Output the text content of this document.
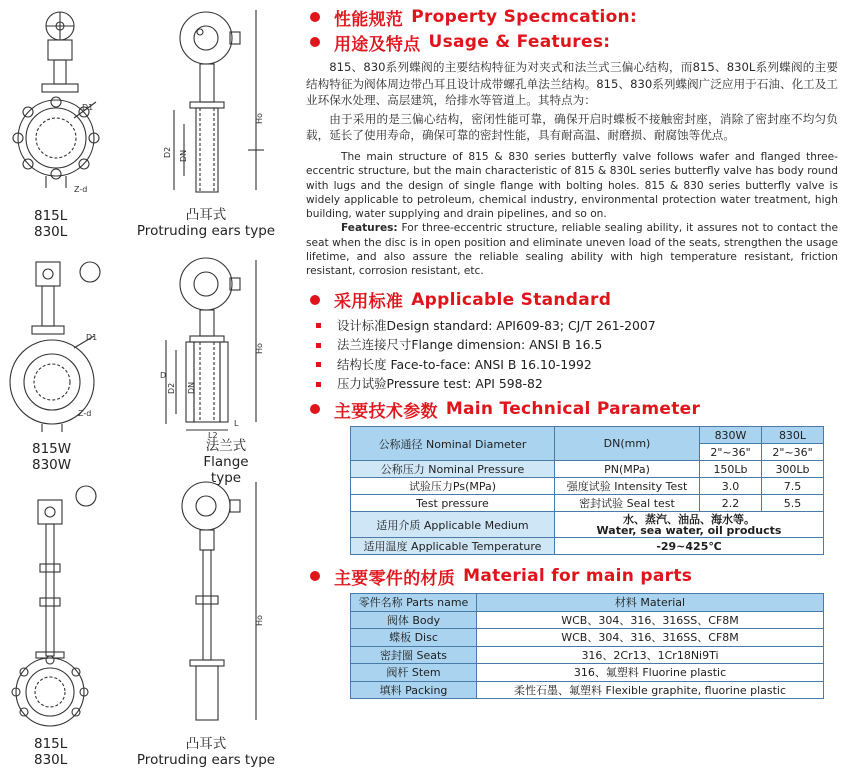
D1
Z-d
815L
830L
D2 DN
Ho
凸耳式
Protruding ears type
D1
Z-d
815W
830W
D
D2 DN
Ho
L
L2
法兰式
Flange type
815L
830L
Ho
凸耳式
Protruding ears type
性能规范 Property Specmcation:
用途及特点 Usage & Features:

815、830系列蝶阀的主要结构特征为对夹式和法兰式三偏心结构，而815、830L系列蝶阀的主要结构特征为阀体周边带凸耳且设计成带螺孔单法兰结构。815、830系列蝶阀广泛应用于石油、化工及工业环保水处理、高层建筑，给排水等管道上。其特点为：

由于采用的是三偏心结构，密闭性能可靠，确保开启时蝶板不接触密封座，消除了密封座不均匀负载，延长了使用寿命，确保可靠的密封性能，具有耐高温、耐磨损、耐腐蚀等优点。

The main structure of 815 & 830 series butterfly valve follows wafer and flanged three-eccentric structure, but the main characteristic of 815 & 830L series butterfly valve has body round with lugs and the design of single flange with bolting holes. 815 & 830 series butterfly valve is widely applicable to petroleum, chemical industry, environmental protection water treatment, high building, water supplying and drain pipelines, and so on.

Features: For three-eccentric structure, reliable sealing ability, it assures not to contact the seat when the disc is in open position and eliminate uneven load of the seats, strengthen the usage lifetime, and also assure the reliable sealing ability with high temperature resistant, friction resistant, corrosion resistant, etc.

采用标准 Applicable Standard
设计标准Design standard: API609-83; CJ/T 261-2007
法兰连接尺寸Flange dimension: ANSI B 16.5
结构长度 Face-to-face: ANSI B 16.10-1992
压力试验Pressure test: API 598-82
主要技术参数 Main Technical Parameter
公称通径 Nominal Diameter	DN(mm)	830W	830L
		2"~36"	2"~36"
公称压力 Nominal Pressure	PN(MPa)	150Lb	300Lb
试验压力Ps(MPa)	强度试验 Intensity Test	3.0	7.5
Test pressure	密封试验 Seal test	2.2	5.5
适用介质 Applicable Medium	水、蒸汽、油品、海水等。
Water, sea water, oil products		

适用温度 Applicable Temperature	-29~425℃		
主要零件的材质 Material for main parts
零件名称 Parts name	材料 Material
阀体 Body	WCB、304、316、316SS、CF8M
蝶板 Disc	WCB、304、316、316SS、CF8M
密封圈 Seats	316、2Cr13、1Cr18Ni9Ti
阀杆 Stem	316、氟塑料 Fluorine plastic
填料 Packing	柔性石墨、氟塑料 Flexible graphite, fluorine plastic
